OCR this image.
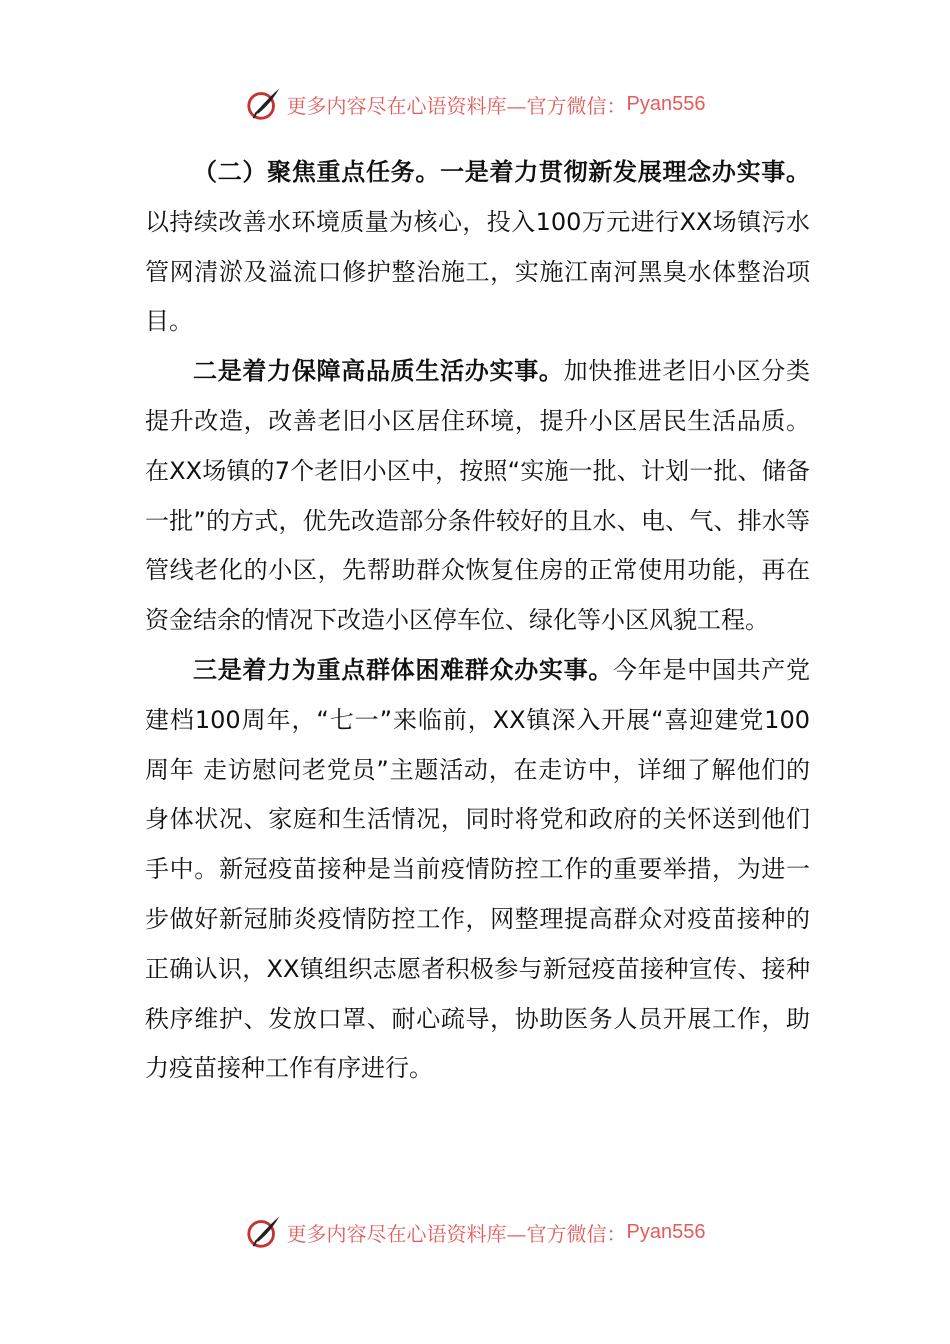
更多内容尽在心语资料库—官方微信： Pyan556

（二）聚焦重点任务。一是着力贯彻新发展理念办实事。以持续改善水环境质量为核心，投入100万元进行XX场镇污水管网清淤及溢流口修护整治施工，实施江南河黑臭水体整治项目。

二是着力保障高品质生活办实事。加快推进老旧小区分类提升改造，改善老旧小区居住环境，提升小区居民生活品质。在XX场镇的7个老旧小区中，按照“实施一批、计划一批、储备一批”的方式，优先改造部分条件较好的且水、电、气、排水等管线老化的小区，先帮助群众恢复住房的正常使用功能，再在资金结余的情况下改造小区停车位、绿化等小区风貌工程。

三是着力为重点群体困难群众办实事。今年是中国共产党建档100周年，“七一”来临前，XX镇深入开展“喜迎建党100周年 走访慰问老党员”主题活动，在走访中，详细了解他们的身体状况、家庭和生活情况，同时将党和政府的关怀送到他们手中。新冠疫苗接种是当前疫情防控工作的重要举措，为进一步做好新冠肺炎疫情防控工作，网整理提高群众对疫苗接种的正确认识，XX镇组织志愿者积极参与新冠疫苗接种宣传、接种秩序维护、发放口罩、耐心疏导，协助医务人员开展工作，助力疫苗接种工作有序进行。

更多内容尽在心语资料库—官方微信： Pyan556
